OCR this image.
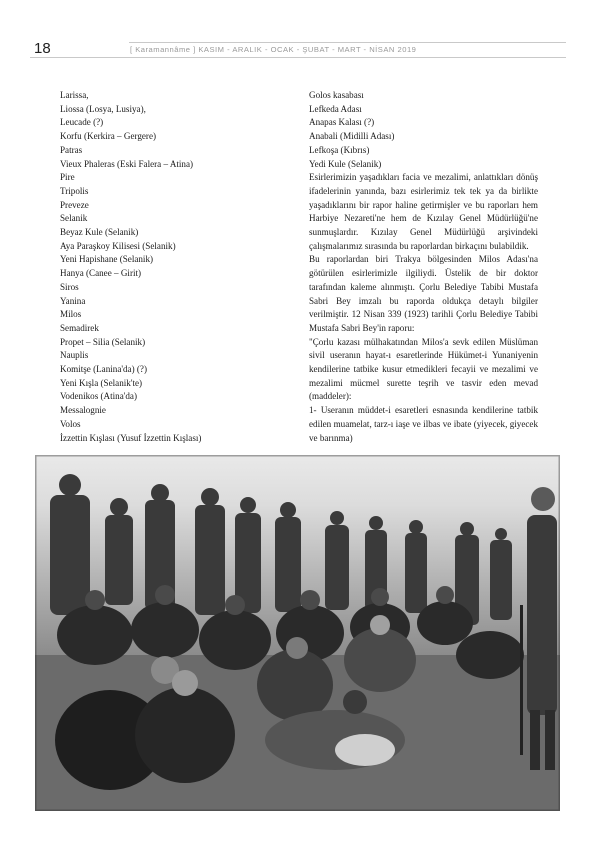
18	[ Karamannâme ] KASIM - ARALIK - OCAK - ŞUBAT - MART - NİSAN 2019
Larissa,
Liossa (Losya, Lusiya),
Leucade (?)
Korfu (Kerkira – Gergere)
Patras
Vieux Phaleras (Eski Falera – Atina)
Pire
Tripolis
Preveze
Selanik
Beyaz Kule (Selanik)
Aya Paraşkoy Kilisesi (Selanik)
Yeni Hapishane (Selanik)
Hanya (Canee – Girit)
Siros
Yanina
Milos
Semadirek
Propet – Silia (Selanik)
Nauplis
Komitşe (Lanina'da) (?)
Yeni Kışla (Selanik'te)
Vodenikos (Atina'da)
Messalognie
Volos
İzzettin Kışlası (Yusuf İzzettin Kışlası)
Golos kasabası
Lefkeda Adası
Anapas Kalası (?)
Anabali (Midilli Adası)
Lefkoşa (Kıbrıs)
Yedi Kule (Selanik)

Esirlerimizin yaşadıkları facia ve mezalimi, anlattıkları dönüş ifadelerinin yanında, bazı esirlerimiz tek tek ya da birlikte yaşadıklarını bir rapor haline getirmişler ve bu raporları hem Harbiye Nezareti'ne hem de Kızılay Genel Müdürlüğü'ne sunmuşlardır. Kızılay Genel Müdürlüğü arşivindeki çalışmalarımız sırasında bu raporlardan birkaçını bulabildik.

Bu raporlardan biri Trakya bölgesinden Milos Adası'na götürülen esirlerimizle ilgiliydi. Üstelik de bir doktor tarafından kaleme alınmıştı. Çorlu Belediye Tabibi Mustafa Sabri Bey imzalı bu raporda oldukça detaylı bilgiler verilmiştir. 12 Nisan 339 (1923) tarihli Çorlu Belediye Tabibi Mustafa Sabri Bey'in raporu:

"Çorlu kazası mülhakatından Milos'a sevk edilen Müslüman sivil useranın hayat-ı esaretlerinde Hükümet-i Yunaniyenin kendilerine tatbike kusur etmedikleri fecayii ve mezalimi ve mezalimi mücmel surette teşrih ve tasvir eden mevad (maddeler):

1- Useranın müddet-i esaretleri esnasında kendilerine tatbik edilen muamelat, tarz-ı iaşe ve ilbas ve ibate (yiyecek, giyecek ve barınma)
